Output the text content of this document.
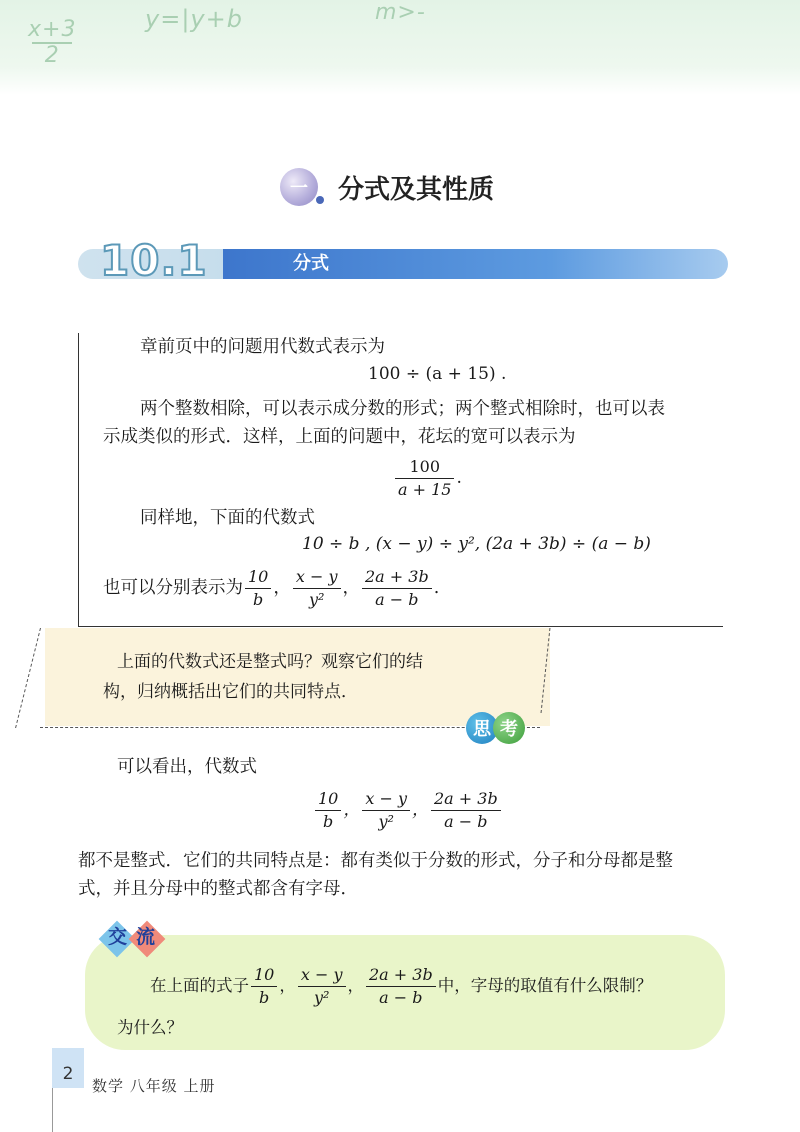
x+3
2
y=|y+b	m>-
一	分式及其性质
10.1	分式
章前页中的问题用代数式表示为
100 ÷ (a + 15) .
两个整数相除，可以表示成分数的形式；两个整式相除时，也可以表
示成类似的形式．这样，上面的问题中，花坛的宽可以表示为
$\frac{100}{a + 15}$ .
同样地，下面的代数式
10 ÷ b , (x − y) ÷ y², (2a + 3b) ÷ (a − b)
也可以分别表示为 $\frac{10}{b}$ ， $\frac{x - y}{\text{y²}}$ ， $\frac{2a + 3b}{a - b}$ .
上面的代数式还是整式吗？观察它们的结
构，归纳概括出它们的共同特点．
思 考
可以看出，代数式
$\frac{10}{b}$ ， $\frac{x - y}{\text{y²}}$ ， $\frac{2a + 3b}{a - b}$
都不是整式．它们的共同特点是：都有类似于分数的形式，分子和分母都是整
式，并且分母中的整式都含有字母．
交 流
在上面的式子 $\frac{10}{b}$ ， $\frac{x - y}{\text{y²}}$ ， $\frac{2a + 3b}{a - b}$ 中，字母的取值有什么限制？
为什么？
2
数学 八年级 上册
